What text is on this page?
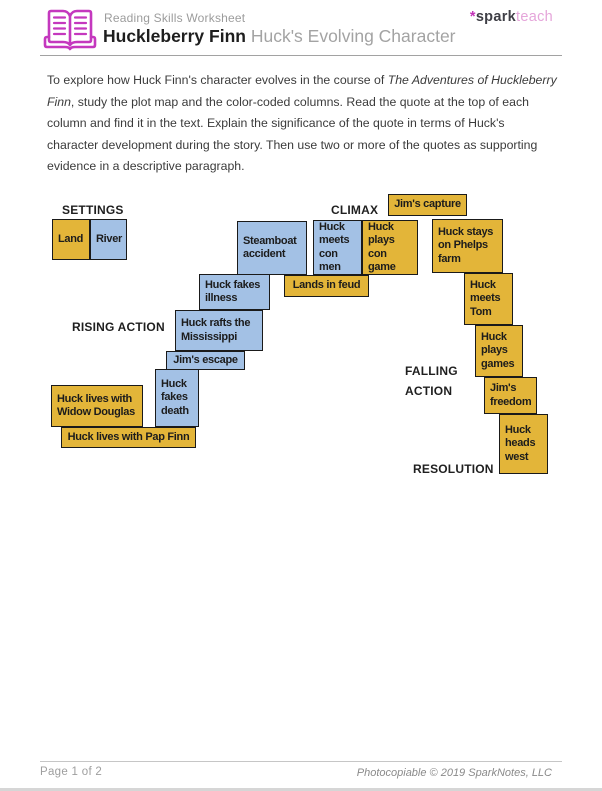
Reading Skills Worksheet
Huckleberry Finn Huck's Evolving Character
*sparkteach

To explore how Huck Finn's character evolves in the course of The Adventures of Huckleberry Finn, study the plot map and the color-coded columns. Read the quote at the top of each column and find it in the text. Explain the significance of the quote in terms of Huck's character development during the story. Then use two or more of the quotes as supporting evidence in a descriptive paragraph.

SETTINGS	CLIMAX
RISING ACTION
FALLING ACTION
RESOLUTION
Land	River	Steamboat accident
Huck meets con men
Huck plays con game
Jim's capture
Huck stays on Phelps farm
Lands in feud
Huck fakes illness
Huck rafts the Mississippi
Jim's escape
Huck fakes death
Huck lives with Widow Douglas
Huck lives with Pap Finn
Huck meets Tom
Huck plays games
Jim's freedom
Huck heads west
Page 1 of 2	Photocopiable © 2019 SparkNotes, LLC
